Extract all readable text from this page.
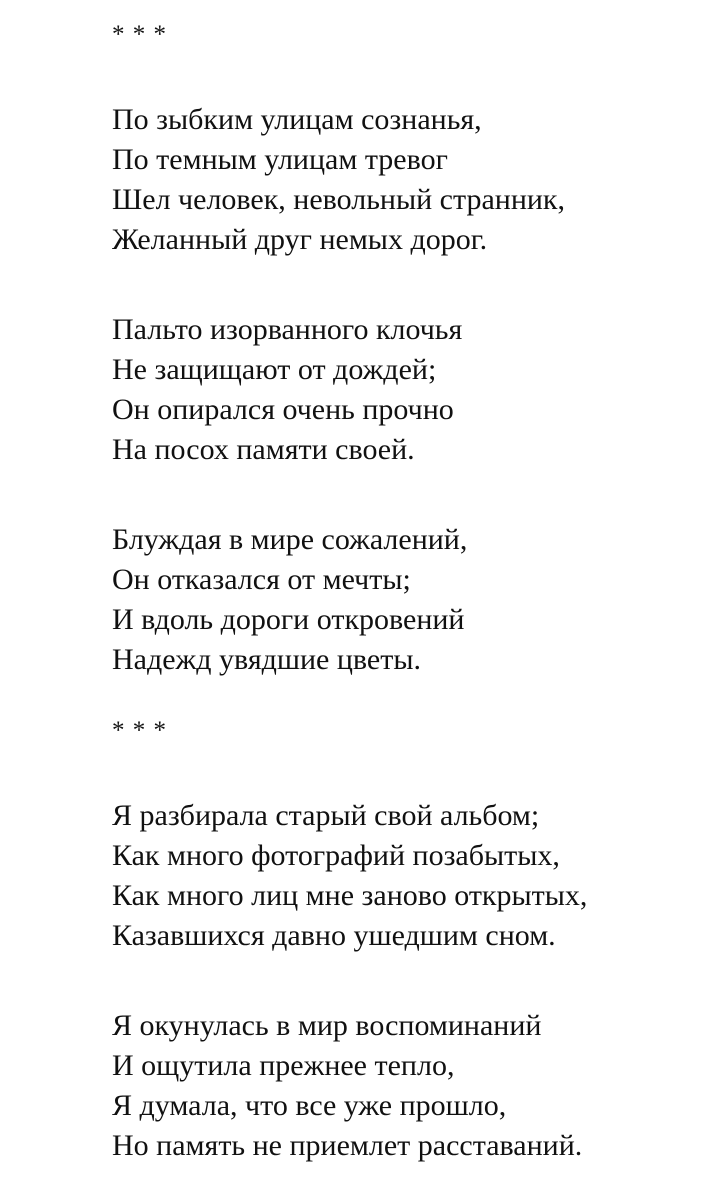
* * *
По зыбким улицам сознанья,
По темным улицам тревог
Шел человек, невольный странник,
Желанный друг немых дорог.
Пальто изорванного клочья
Не защищают от дождей;
Он опирался очень прочно
На посох памяти своей.
Блуждая в мире сожалений,
Он отказался от мечты;
И вдоль дороги откровений
Надежд увядшие цветы.
* * *
Я разбирала старый свой альбом;
Как много фотографий позабытых,
Как много лиц мне заново открытых,
Казавшихся давно ушедшим сном.
Я окунулась в мир воспоминаний
И ощутила прежнее тепло,
Я думала, что все уже прошло,
Но память не приемлет расставаний.
